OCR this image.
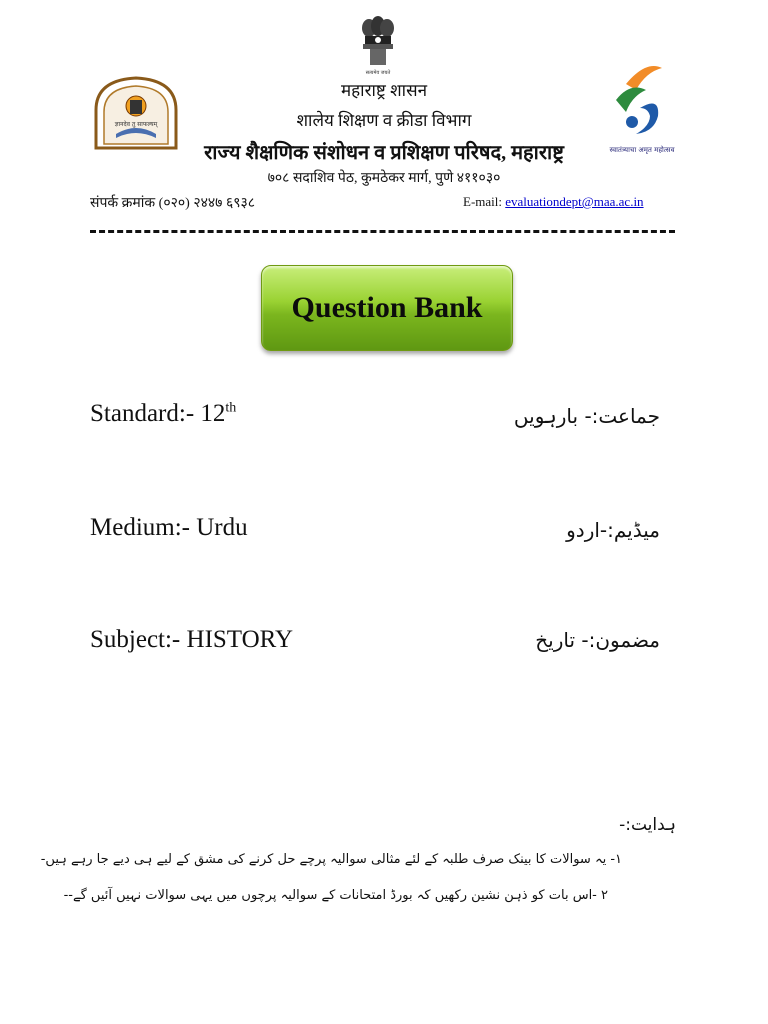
सत्यमेव जयते
ज्ञानदेव तु साफल्यम्
स्वातंत्र्याचा अमृत महोत्सव
महाराष्ट्र शासन
शालेय शिक्षण व क्रीडा विभाग
राज्य शैक्षणिक संशोधन व प्रशिक्षण परिषद, महाराष्ट्र
७०८ सदाशिव पेठ, कुमठेकर मार्ग, पुणे ४११०३०
संपर्क क्रमांक (०२०) २४४७ ६९३८	E-mail: evaluationdept@maa.ac.in
Question Bank
Standard:- 12th	جماعت:- بارہویں
Medium:- Urdu	میڈیم:-اردو
Subject:- HISTORY	مضمون:- تاریخ
ہدایت:-
۱- یہ سوالات کا بینک صرف طلبہ کے لئے مثالی سوالیہ پرچے حل کرنے کی مشق کے لیے ہی دیے جا رہے ہیں-
۲ -اس بات کو ذہن نشین رکھیں کہ بورڈ امتحانات کے سوالیہ پرچوں میں یہی سوالات نہیں آئیں گے--
